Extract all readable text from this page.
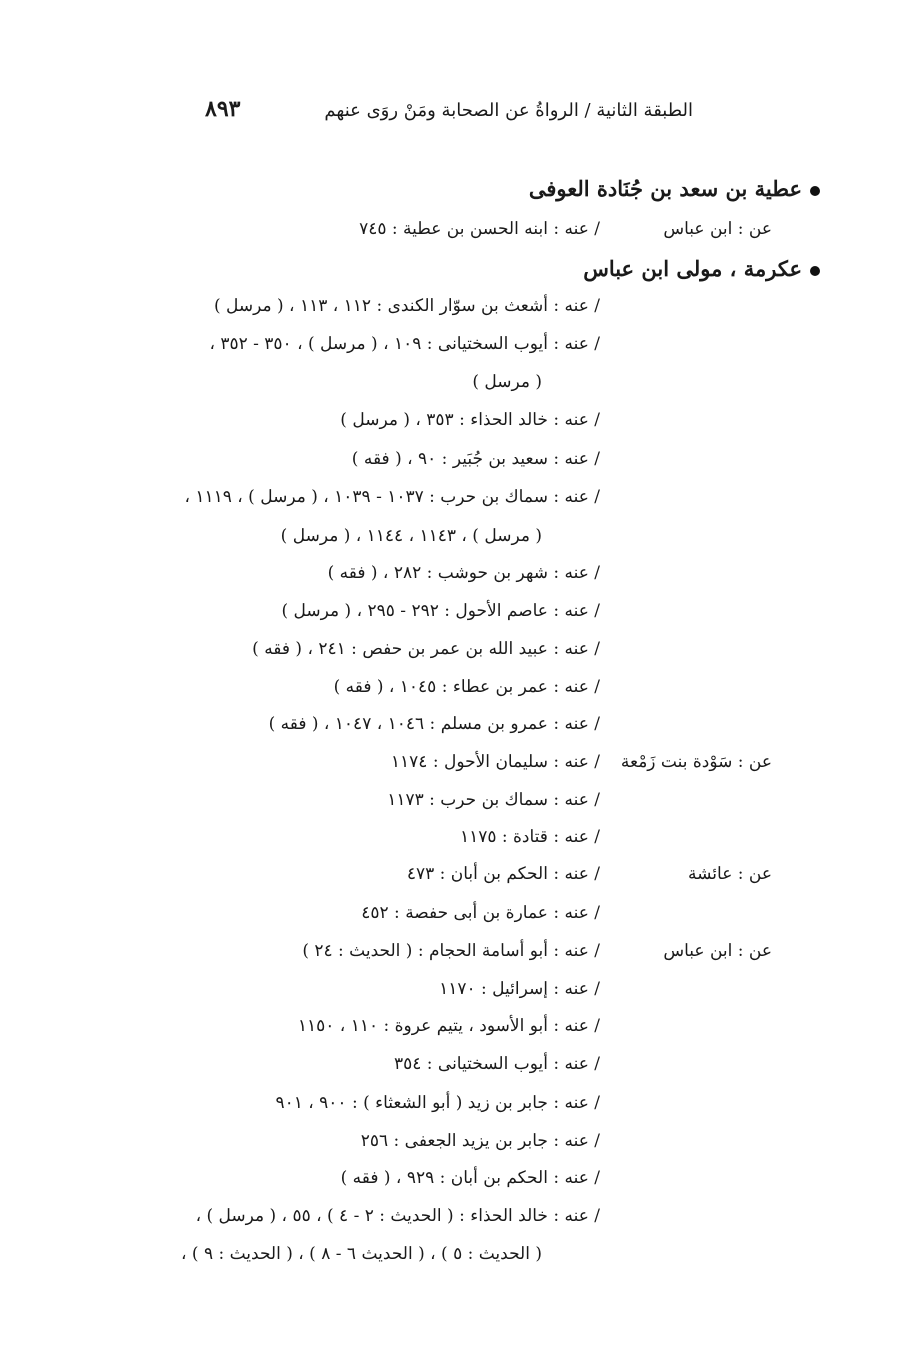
الطبقة الثانية / الرواةُ عن الصحابة ومَنْ روَى عنهم
٨٩٣
عطية بن سعد بن جُنَادة العوفى
عن : ابن عباس
/ عنه : ابنه الحسن بن عطية : ٧٤٥
عكرمة ، مولى ابن عباس
/ عنه : أشعث بن سوّار الكندى : ١١٢ ، ١١٣ ، ( مرسل )
/ عنه : أيوب السختيانى : ١٠٩ ، ( مرسل ) ، ٣٥٠ - ٣٥٢ ،
( مرسل )
/ عنه : خالد الحذاء : ٣٥٣ ، ( مرسل )
/ عنه : سعيد بن جُبَير : ٩٠ ، ( فقه )
/ عنه : سماك بن حرب : ١٠٣٧ - ١٠٣٩ ، ( مرسل ) ، ١١١٩ ،
( مرسل ) ، ١١٤٣ ، ١١٤٤ ، ( مرسل )
/ عنه : شهر بن حوشب : ٢٨٢ ، ( فقه )
/ عنه : عاصم الأحول : ٢٩٢ - ٢٩٥ ، ( مرسل )
/ عنه : عبيد الله بن عمر بن حفص : ٢٤١ ، ( فقه )
/ عنه : عمر بن عطاء : ١٠٤٥ ، ( فقه )
/ عنه : عمرو بن مسلم : ١٠٤٦ ، ١٠٤٧ ، ( فقه )
عن : سَوْدة بنت زَمْعة
/ عنه : سليمان الأحول : ١١٧٤
/ عنه : سماك بن حرب : ١١٧٣
/ عنه : قتادة : ١١٧٥
عن : عائشة
/ عنه : الحكم بن أبان : ٤٧٣
/ عنه : عمارة بن أبى حفصة : ٤٥٢
عن : ابن عباس
/ عنه : أبو أسامة الحجام : ( الحديث : ٢٤ )
/ عنه : إسرائيل : ١١٧٠
/ عنه : أبو الأسود ، يتيم عروة : ١١٠ ، ١١٥٠
/ عنه : أيوب السختيانى : ٣٥٤
/ عنه : جابر بن زيد ( أبو الشعثاء ) : ٩٠٠ ، ٩٠١
/ عنه : جابر بن يزيد الجعفى : ٢٥٦
/ عنه : الحكم بن أبان : ٩٢٩ ، ( فقه )
/ عنه : خالد الحذاء : ( الحديث : ٢ - ٤ ) ، ٥٥ ، ( مرسل ) ،
( الحديث : ٥ ) ، ( الحديث ٦ - ٨ ) ، ( الحديث : ٩ ) ،
